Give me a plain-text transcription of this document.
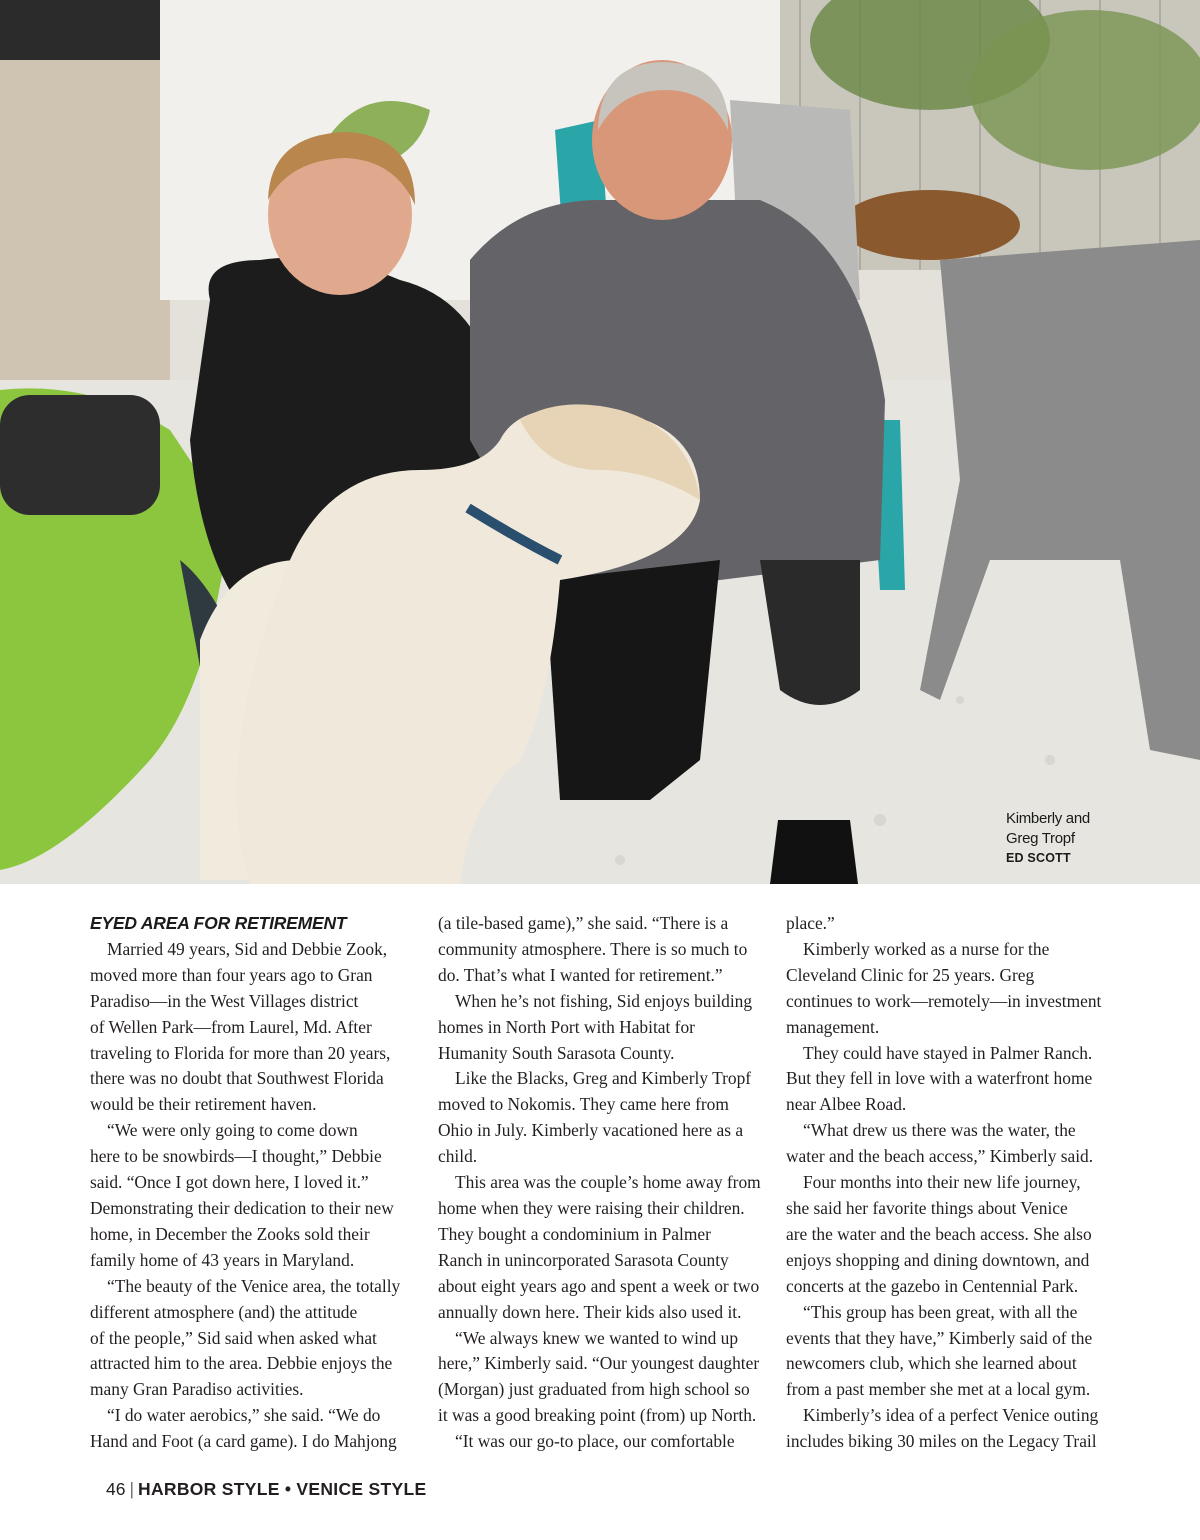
Kimberly and
Greg Tropf
ED SCOTT
EYED AREA FOR RETIREMENT
Married 49 years, Sid and Debbie Zook,
moved more than four years ago to Gran
Paradiso—in the West Villages district
of Wellen Park—from Laurel, Md. After
traveling to Florida for more than 20 years,
there was no doubt that Southwest Florida
would be their retirement haven.
“We were only going to come down
here to be snowbirds—I thought,” Debbie
said. “Once I got down here, I loved it.”
Demonstrating their dedication to their new
home, in December the Zooks sold their
family home of 43 years in Maryland.
“The beauty of the Venice area, the totally
different atmosphere (and) the attitude
of the people,” Sid said when asked what
attracted him to the area. Debbie enjoys the
many Gran Paradiso activities.
“I do water aerobics,” she said. “We do
Hand and Foot (a card game). I do Mahjong
(a tile-based game),” she said. “There is a
community atmosphere. There is so much to
do. That’s what I wanted for retirement.”
When he’s not fishing, Sid enjoys building
homes in North Port with Habitat for
Humanity South Sarasota County.
Like the Blacks, Greg and Kimberly Tropf
moved to Nokomis. They came here from
Ohio in July. Kimberly vacationed here as a
child.
This area was the couple’s home away from
home when they were raising their children.
They bought a condominium in Palmer
Ranch in unincorporated Sarasota County
about eight years ago and spent a week or two
annually down here. Their kids also used it.
“We always knew we wanted to wind up
here,” Kimberly said. “Our youngest daughter
(Morgan) just graduated from high school so
it was a good breaking point (from) up North.
“It was our go-to place, our comfortable
place.”
Kimberly worked as a nurse for the
Cleveland Clinic for 25 years. Greg
continues to work—remotely—in investment
management.
They could have stayed in Palmer Ranch.
But they fell in love with a waterfront home
near Albee Road.
“What drew us there was the water, the
water and the beach access,” Kimberly said.
Four months into their new life journey,
she said her favorite things about Venice
are the water and the beach access. She also
enjoys shopping and dining downtown, and
concerts at the gazebo in Centennial Park.
“This group has been great, with all the
events that they have,” Kimberly said of the
newcomers club, which she learned about
from a past member she met at a local gym.
Kimberly’s idea of a perfect Venice outing
includes biking 30 miles on the Legacy Trail
46 | HARBOR STYLE • VENICE STYLE
